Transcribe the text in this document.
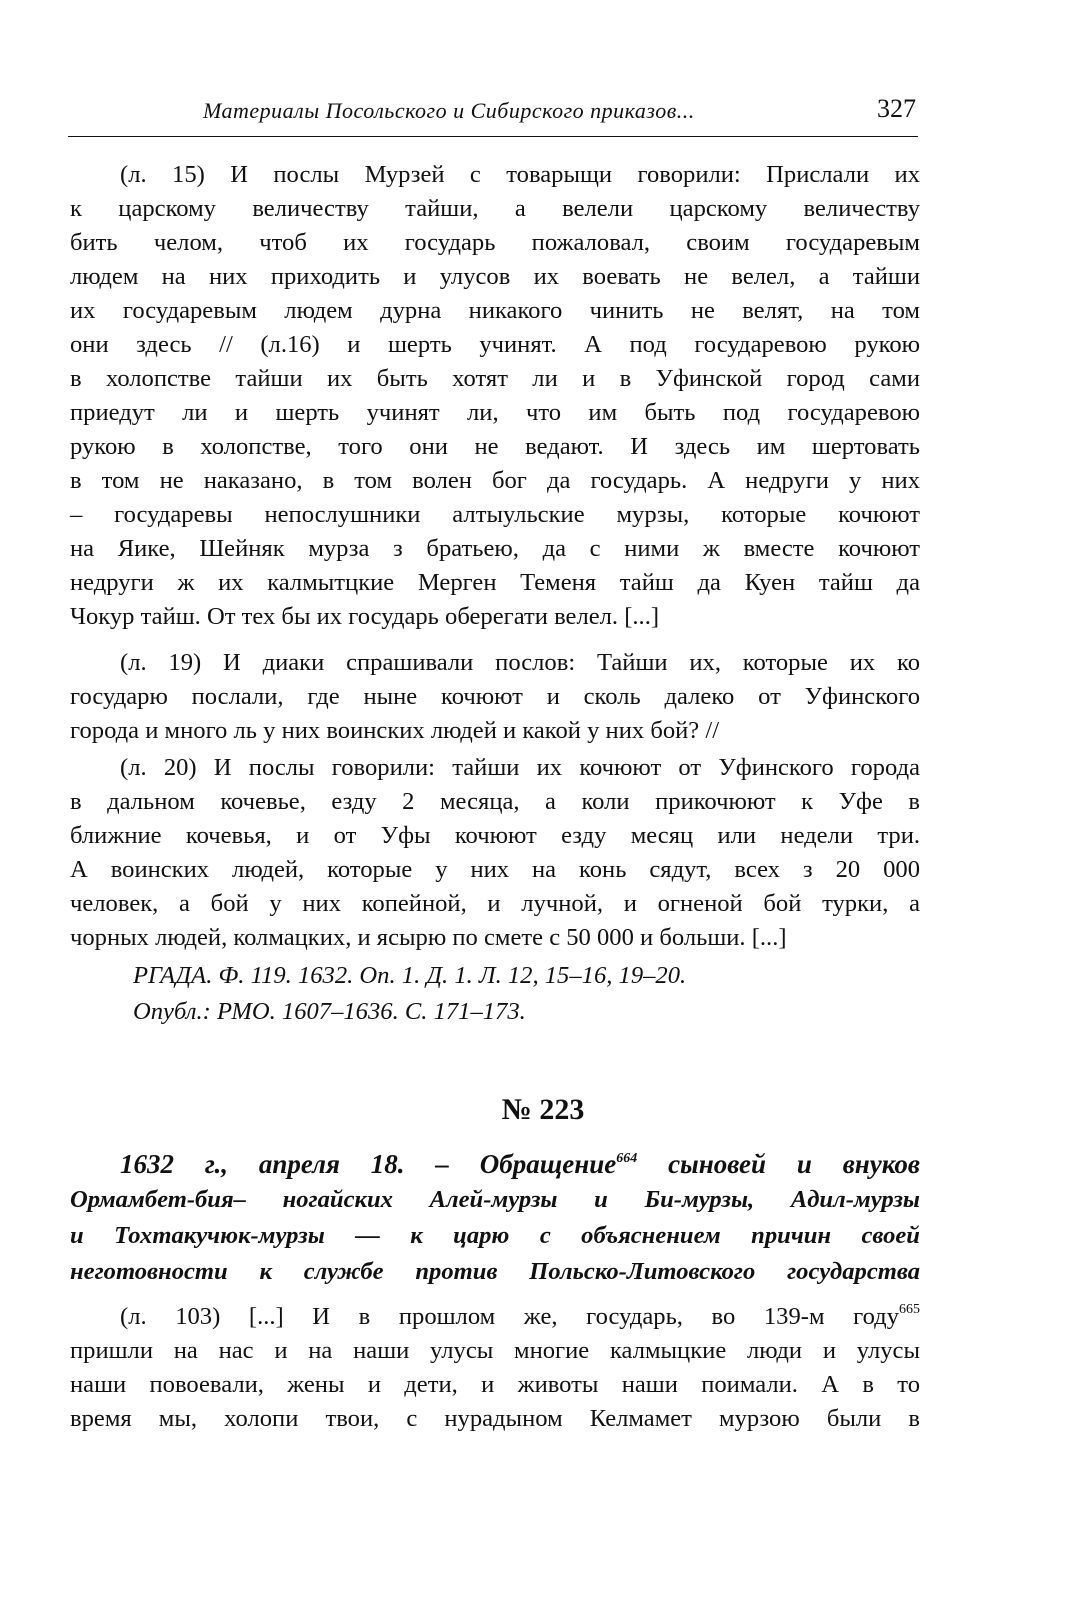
Материалы Посольского и Сибирского приказов...	327

(л. 15) И послы Мурзей с товарыщи говорили: Прислали их

к царскому величеству тайши, а велели царскому величеству

бить челом, чтоб их государь пожаловал, своим государевым

людем на них приходить и улусов их воевать не велел, а тайши

их государевым людем дурна никакого чинить не велят, на том

они здесь // (л.16) и шерть учинят. А под государевою рукою

в холопстве тайши их быть хотят ли и в Уфинской город сами

приедут ли и шерть учинят ли, что им быть под государевою

рукою в холопстве, того они не ведают. И здесь им шертовать

в том не наказано, в том волен бог да государь. А недруги у них

– государевы непослушники алтыульские мурзы, которые кочюют

на Яике, Шейняк мурза з братьею, да с ними ж вместе кочюют

недруги ж их калмытцкие Мерген Теменя тайш да Куен тайш да

Чокур тайш. От тех бы их государь оберегати велел. [...]

(л. 19) И диаки спрашивали послов: Тайши их, которые их ко

государю послали, где ныне кочюют и сколь далеко от Уфинского

города и много ль у них воинских людей и какой у них бой? //

(л. 20) И послы говорили: тайши их кочюют от Уфинского города

в дальном кочевье, езду 2 месяца, а коли прикочюют к Уфе в

ближние кочевья, и от Уфы кочюют езду месяц или недели три.

А воинских людей, которые у них на конь сядут, всех з 20 000

человек, а бой у них копейной, и лучной, и огненой бой турки, а

чорных людей, колмацких, и ясырю по смете с 50 000 и больши. [...]

РГАДА. Ф. 119. 1632. Оп. 1. Д. 1. Л. 12, 15–16, 19–20.
Опубл.: РМО. 1607–1636. С. 171–173.
№ 223

1632 г., апреля 18. – Обращение$^{664}$ сыновей и внуков

Ормамбет-бия– ногайских Алей-мурзы и Би-мурзы, Адил-мурзы

и Тохтакучюк-мурзы — к царю с объяснением причин своей

неготовности к службе против Польско-Литовского государства

(л. 103) [...] И в прошлом же, государь, во 139-м году$^{665}$

пришли на нас и на наши улусы многие калмыцкие люди и улусы

наши повоевали, жены и дети, и животы наши поимали. А в то

время мы, холопи твои, с нурадыном Келмамет мурзою были в
